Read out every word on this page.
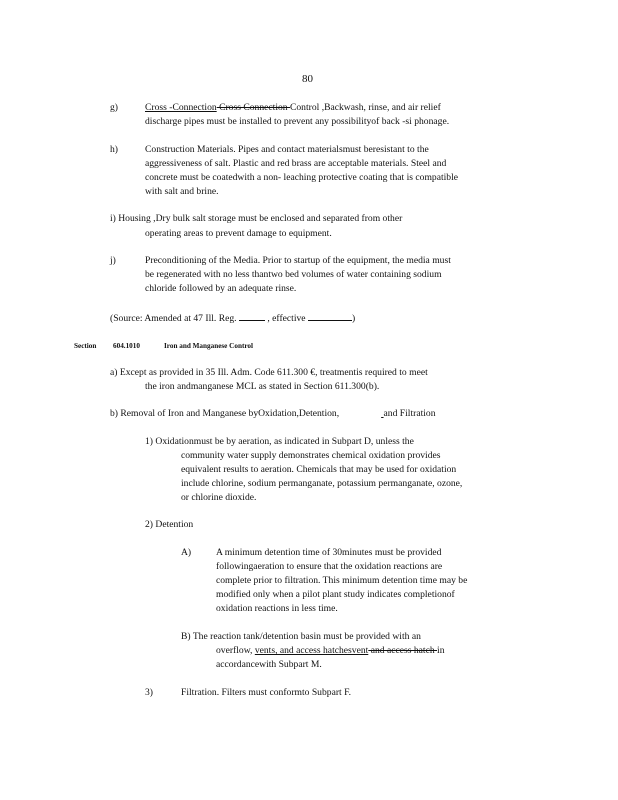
80
g)	Cross -Connection Cross Connection Control ,Backwash, rinse, and air relief
discharge pipes must be installed to prevent any possibilityof back -si phonage.
h)	Construction Materials. Pipes and contact materialsmust beresistant to the
aggressiveness of salt. Plastic and red brass are acceptable materials. Steel and
concrete must be coatedwith a non- leaching protective coating that is compatible
with salt and brine.
i) Housing ,Dry bulk salt storage must be enclosed and separated from other
operating areas to prevent damage to equipment.
j)	Preconditioning of the Media. Prior to startup of the equipment, the media must
be regenerated with no less thantwo bed volumes of water containing sodium
chloride followed by an adequate rinse.
(Source: Amended at 47 Ill. Reg.	, effective	)
Section 604.1010	Iron and Manganese Control
a) Except as provided in 35 Ill. Adm. Code 611.300 €, treatmentis required to meet
the iron andmanganese MCL as stated in Section 611.300(b).
b) Removal of Iron and Manganese byOxidation,Detention,	and Filtration
1) Oxidationmust be by aeration, as indicated in Subpart D, unless the
community water supply demonstrates chemical oxidation provides
equivalent results to aeration. Chemicals that may be used for oxidation
include chlorine, sodium permanganate, potassium permanganate, ozone,
or chlorine dioxide.
2) Detention
A)	A minimum detention time of 30minutes must be provided
followingaeration to ensure that the oxidation reactions are
complete prior to filtration. This minimum detention time may be
modified only when a pilot plant study indicates completionof
oxidation reactions in less time.
B) The reaction tank/detention basin must be provided with an
overflow, vents, and access hatchesvent and access hatch in
accordancewith Subpart M.
3)	Filtration. Filters must conformto Subpart F.
